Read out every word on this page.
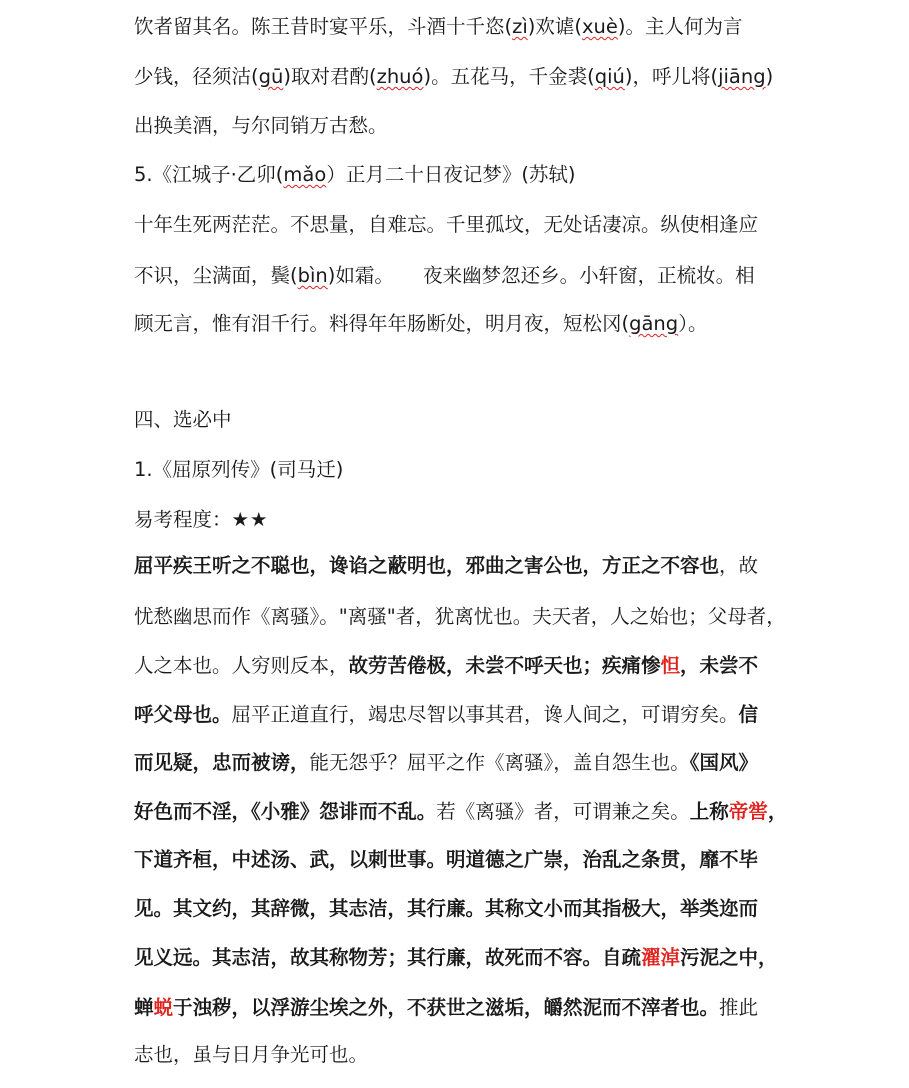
饮者留其名。陈王昔时宴平乐，斗酒十千恣(zì)欢谑(xuè)。主人何为言
少钱，径须沽(gū)取对君酌(zhuó)。五花马，千金裘(qiú)，呼儿将(jiāng)
出换美酒，与尔同销万古愁。
5.《江城子·乙卯(mǎo）正月二十日夜记梦》(苏轼)
十年生死两茫茫。不思量，自难忘。千里孤坟，无处话凄凉。纵使相逢应
不识，尘满面，鬓(bìn)如霜。　　夜来幽梦忽还乡。小轩窗，正梳妆。相
顾无言，惟有泪千行。料得年年肠断处，明月夜，短松冈(gāng）。
四、选必中
1.《屈原列传》(司马迁)
易考程度：★★
屈平疾王听之不聪也，谗谄之蔽明也，邪曲之害公也，方正之不容也，故
忧愁幽思而作《离骚》。"离骚"者，犹离忧也。夫天者，人之始也；父母者，
人之本也。人穷则反本，故劳苦倦极，未尝不呼天也；疾痛惨怛，未尝不
呼父母也。屈平正道直行，竭忠尽智以事其君，谗人间之，可谓穷矣。信
而见疑，忠而被谤，能无怨乎？屈平之作《离骚》，盖自怨生也。《国风》
好色而不淫，《小雅》怨诽而不乱。若《离骚》者，可谓兼之矣。上称帝喾，
下道齐桓，中述汤、武，以刺世事。明道德之广崇，治乱之条贯，靡不毕
见。其文约，其辞微，其志洁，其行廉。其称文小而其指极大，举类迩而
见义远。其志洁，故其称物芳；其行廉，故死而不容。自疏濯淖污泥之中，
蝉蜕于浊秽，以浮游尘埃之外，不获世之滋垢，皭然泥而不滓者也。推此
志也，虽与日月争光可也。
